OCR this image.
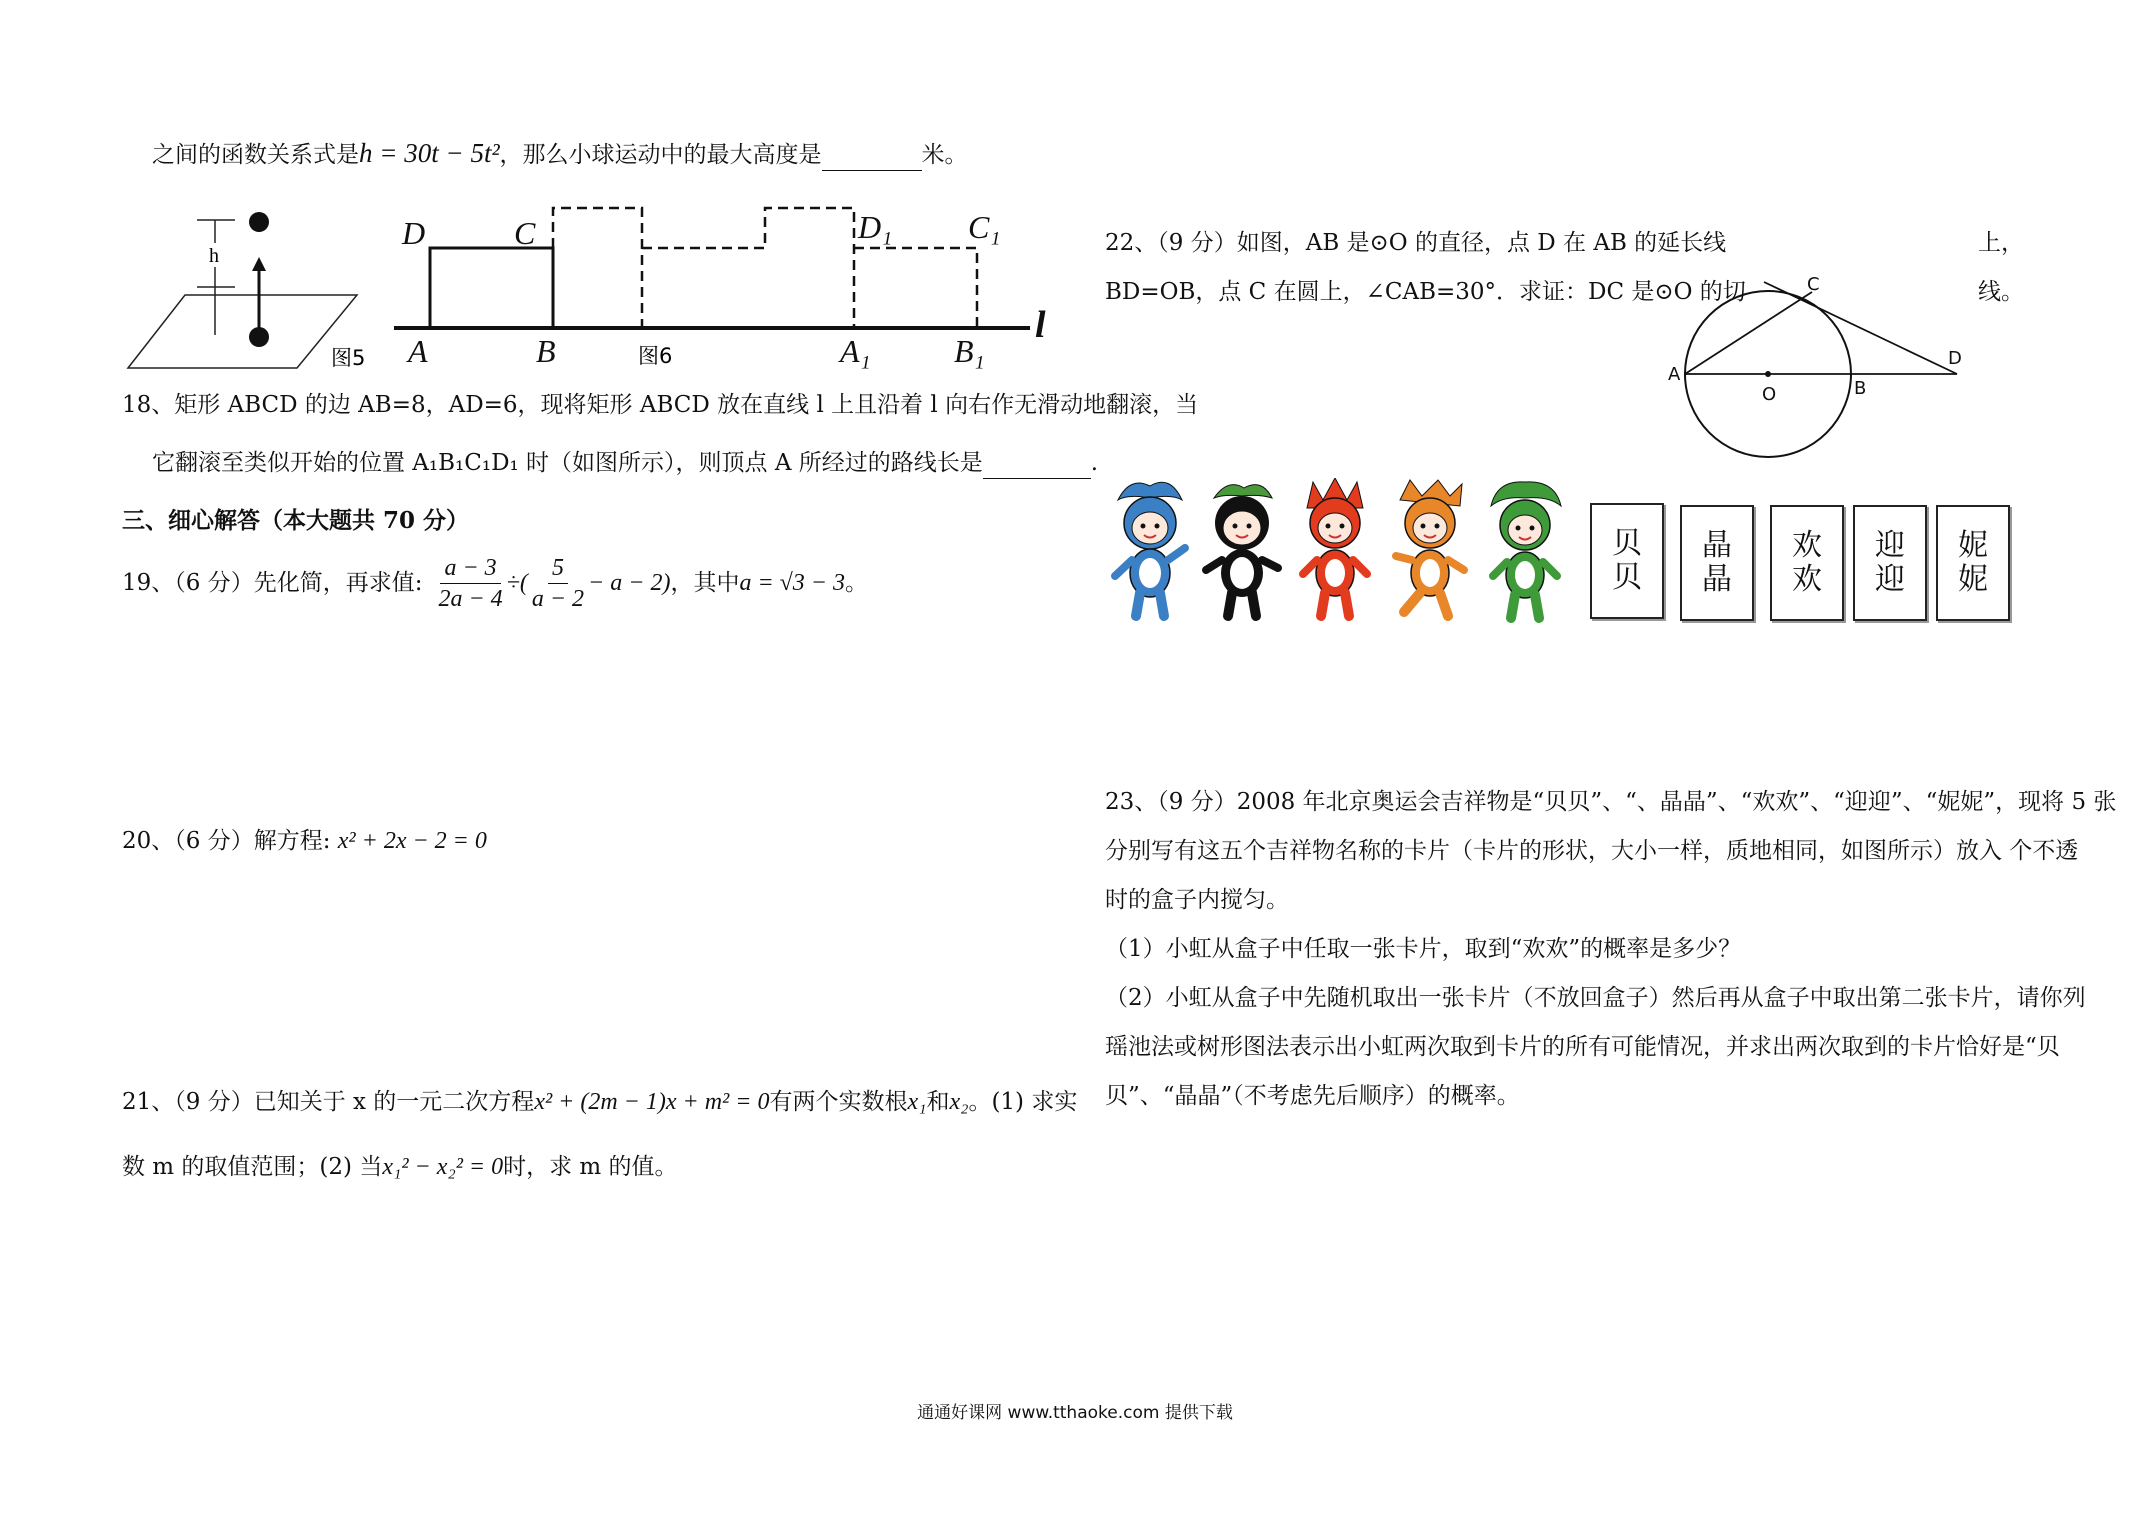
之间的函数关系式是h = 30t − 5t²，那么小球运动中的最大高度是	米。
h
图5
D	C	D₁ C₁
A	B	A₁	B₁
l
图6
18、矩形 ABCD 的边 AB=8，AD=6，现将矩形 ABCD 放在直线 l 上且沿着 l 向右作无滑动地翻滚，当
它翻滚至类似开始的位置 A₁B₁C₁D₁ 时（如图所示），则顶点 A 所经过的路线长是	.
三、细心解答（本大题共 70 分）
19、（6 分）先化简，再求值: $\frac{a - 3}{2a - 4}$ ÷( $\frac{5}{a - 2} - a - 2$) ，其中 a = √3 − 3 。
20、（6 分）解方程: x² + 2x − 2 = 0
21、（9 分）已知关于 x 的一元二次方程x² + (2m − 1)x + m² = 0有两个实数根x₁和x₂。(1) 求实
数 m 的取值范围；(2) 当x₁² − x₂² = 0时，求 m 的值。
22、（9 分）如图，AB 是⊙O 的直径，点 D 在 AB 的延长线	上，
BD=OB，点 C 在圆上，∠CAB=30°．求证：DC 是⊙O 的切	线。
A
O	B
C
D
贝
贝
晶
晶
欢
欢
迎
迎
妮
妮
23、（9 分）2008 年北京奥运会吉祥物是“贝贝”、“、晶晶”、“欢欢”、“迎迎”、“妮妮”，现将 5 张
分别写有这五个吉祥物名称的卡片（卡片的形状，大小一样，质地相同，如图所示）放入 个不透
时的盒子内搅匀。
（1）小虹从盒子中任取一张卡片，取到“欢欢”的概率是多少？
（2）小虹从盒子中先随机取出一张卡片（不放回盒子）然后再从盒子中取出第二张卡片，请你列
瑶池法或树形图法表示出小虹两次取到卡片的所有可能情况，并求出两次取到的卡片恰好是“贝
贝”、“晶晶”（不考虑先后顺序）的概率。
通通好课网 www.tthaoke.com 提供下载
